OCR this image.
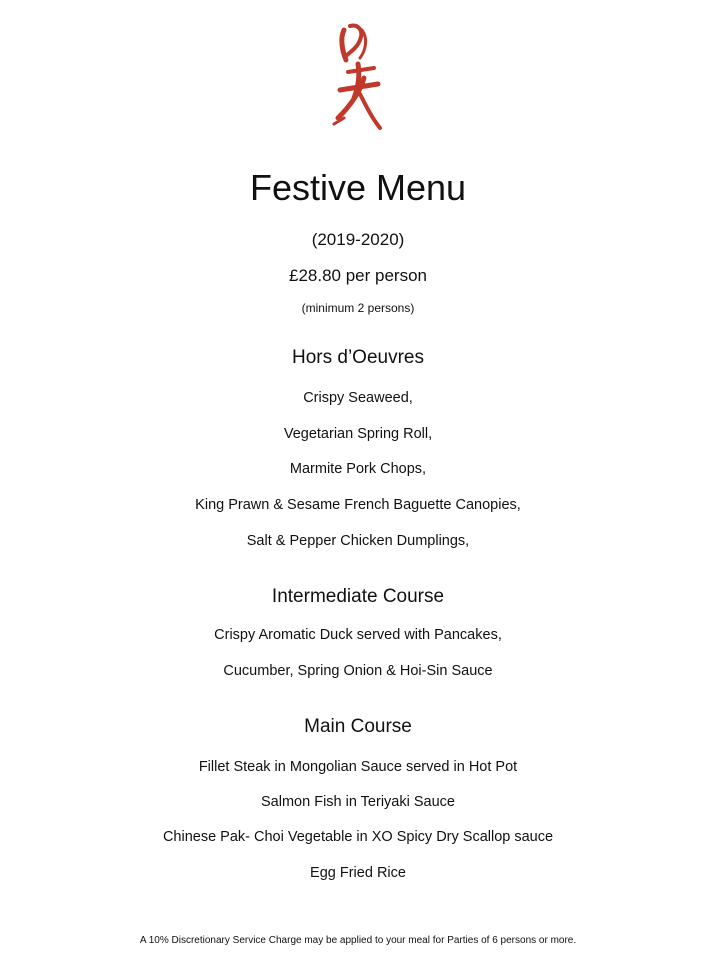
Festive Menu
(2019-2020)
£28.80 per person
(minimum 2 persons)
Hors d’Oeuvres
Crispy Seaweed,
Vegetarian Spring Roll,
Marmite Pork Chops,
King Prawn & Sesame French Baguette Canopies,
Salt & Pepper Chicken Dumplings,
Intermediate Course
Crispy Aromatic Duck served with Pancakes,
Cucumber, Spring Onion & Hoi-Sin Sauce
Main Course
Fillet Steak in Mongolian Sauce served in Hot Pot
Salmon Fish in Teriyaki Sauce
Chinese Pak- Choi Vegetable in XO Spicy Dry Scallop sauce
Egg Fried Rice
A 10% Discretionary Service Charge may be applied to your meal for Parties of 6 persons or more.
